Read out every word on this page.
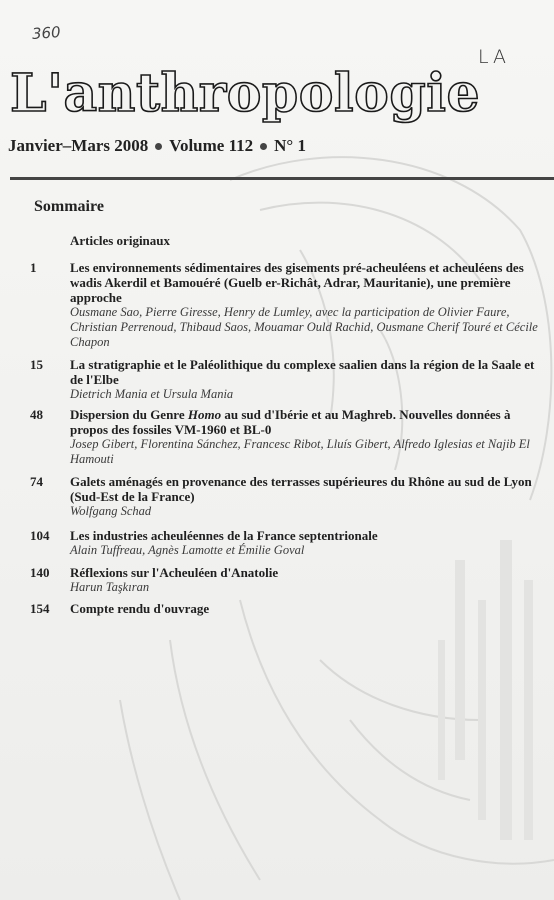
360
LA
L'anthropologie
Janvier–Mars 2008 Volume 112 N° 1
Sommaire
Articles originaux
1	Les environnements sédimentaires des gisements pré-acheuléens et acheuléens des wadis Akerdil et Bamouéré (Guelb er-Richât, Adrar, Mauritanie), une première approche
Ousmane Sao, Pierre Giresse, Henry de Lumley, avec la participation de Olivier Faure, Christian Perrenoud, Thibaud Saos, Mouamar Ould Rachid, Ousmane Cherif Touré et Cécile Chapon
15 La stratigraphie et le Paléolithique du complexe saalien dans la région de la Saale et de l'Elbe
Dietrich Mania et Ursula Mania
48 Dispersion du Genre Homo au sud d'Ibérie et au Maghreb. Nouvelles données à propos des fossiles VM-1960 et BL-0
Josep Gibert, Florentina Sánchez, Francesc Ribot, Lluís Gibert, Alfredo Iglesias et Najib El Hamouti
74 Galets aménagés en provenance des terrasses supérieures du Rhône au sud de Lyon (Sud-Est de la France)
Wolfgang Schad
104 Les industries acheuléennes de la France septentrionale
Alain Tuffreau, Agnès Lamotte et Émilie Goval
140 Réflexions sur l'Acheuléen d'Anatolie
Harun Taşkıran
154 Compte rendu d'ouvrage
